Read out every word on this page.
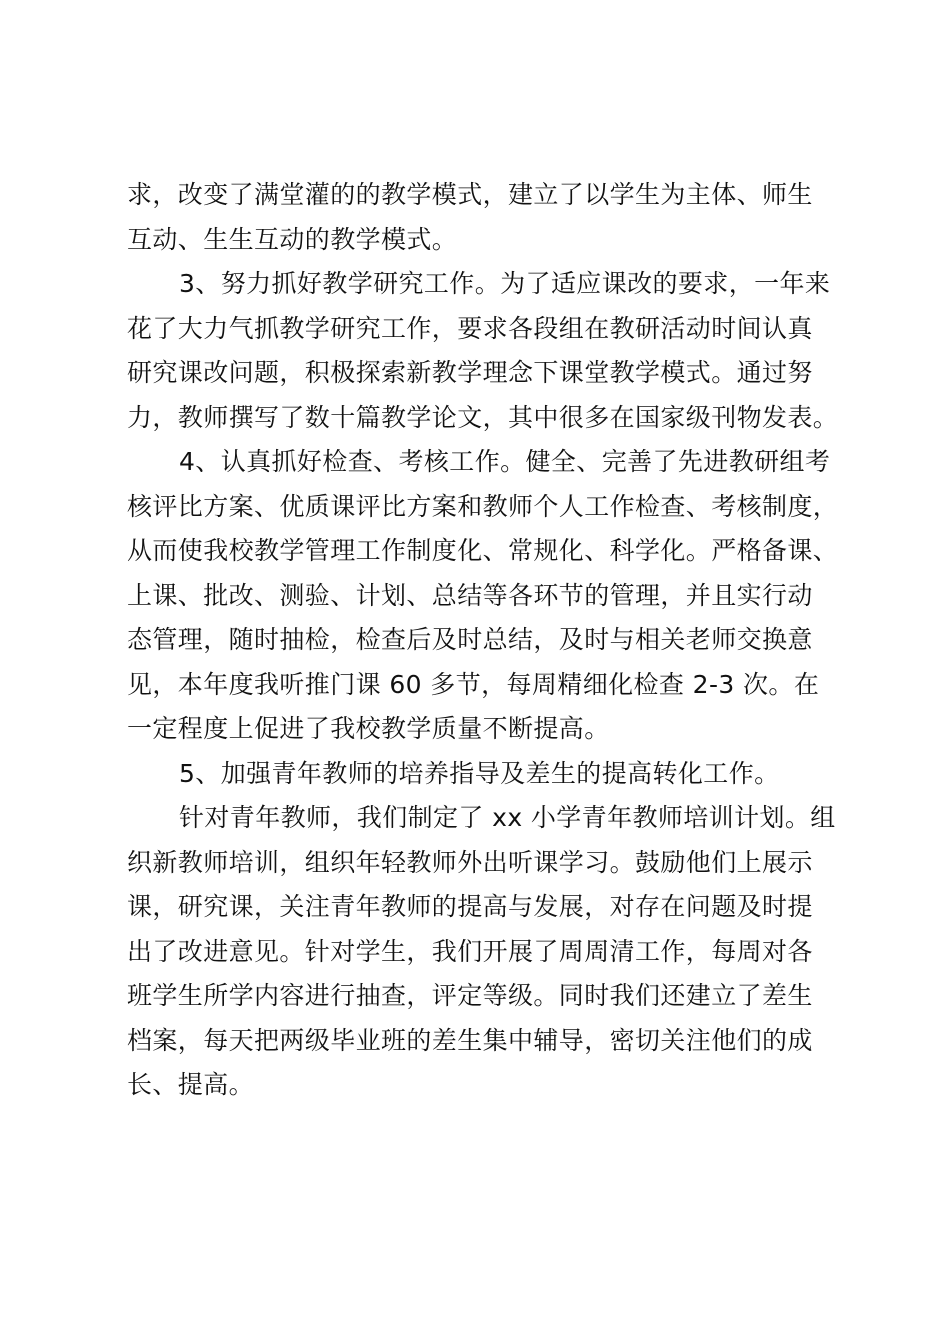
求，改变了满堂灌的的教学模式，建立了以学生为主体、师生
互动、生生互动的教学模式。
3、努力抓好教学研究工作。为了适应课改的要求，一年来
花了大力气抓教学研究工作，要求各段组在教研活动时间认真
研究课改问题，积极探索新教学理念下课堂教学模式。通过努
力，教师撰写了数十篇教学论文，其中很多在国家级刊物发表。
4、认真抓好检查、考核工作。健全、完善了先进教研组考
核评比方案、优质课评比方案和教师个人工作检查、考核制度，
从而使我校教学管理工作制度化、常规化、科学化。严格备课、
上课、批改、测验、计划、总结等各环节的管理，并且实行动
态管理，随时抽检，检查后及时总结，及时与相关老师交换意
见，本年度我听推门课 60 多节，每周精细化检查 2-3 次。在
一定程度上促进了我校教学质量不断提高。
5、加强青年教师的培养指导及差生的提高转化工作。
针对青年教师，我们制定了 xx 小学青年教师培训计划。组
织新教师培训，组织年轻教师外出听课学习。鼓励他们上展示
课，研究课，关注青年教师的提高与发展，对存在问题及时提
出了改进意见。针对学生，我们开展了周周清工作，每周对各
班学生所学内容进行抽查，评定等级。同时我们还建立了差生
档案，每天把两级毕业班的差生集中辅导，密切关注他们的成
长、提高。
